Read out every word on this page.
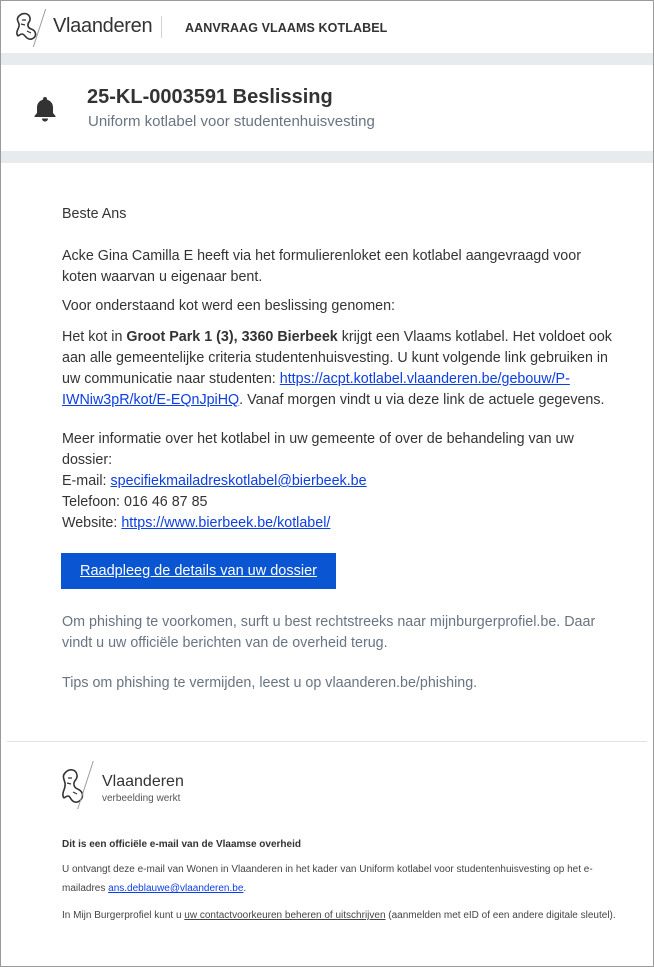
Vlaanderen	AANVRAAG VLAAMS KOTLABEL
25-KL-0003591 Beslissing
Uniform kotlabel voor studentenhuisvesting
Beste Ans
Acke Gina Camilla E heeft via het formulierenloket een kotlabel aangevraagd voor koten waarvan u eigenaar bent.
Voor onderstaand kot werd een beslissing genomen:
Het kot in Groot Park 1 (3), 3360 Bierbeek krijgt een Vlaams kotlabel. Het voldoet ook aan alle gemeentelijke criteria studentenhuisvesting. U kunt volgende link gebruiken in uw communicatie naar studenten: https://acpt.kotlabel.vlaanderen.be/gebouw/P-IWNiw3pR/kot/E-EQnJpiHQ. Vanaf morgen vindt u via deze link de actuele gegevens.
Meer informatie over het kotlabel in uw gemeente of over de behandeling van uw dossier:
E-mail: specifiekmailadreskotlabel@bierbeek.be
Telefoon: 016 46 87 85
Website: https://www.bierbeek.be/kotlabel/
Raadpleeg de details van uw dossier
Om phishing te voorkomen, surft u best rechtstreeks naar mijnburgerprofiel.be. Daar vindt u uw officiële berichten van de overheid terug.
Tips om phishing te vermijden, leest u op vlaanderen.be/phishing.
Vlaanderen
verbeelding werkt
Dit is een officiële e-mail van de Vlaamse overheid
U ontvangt deze e-mail van Wonen in Vlaanderen in het kader van Uniform kotlabel voor studentenhuisvesting op het e-mailadres ans.deblauwe@vlaanderen.be.
In Mijn Burgerprofiel kunt u uw contactvoorkeuren beheren of uitschrijven (aanmelden met eID of een andere digitale sleutel).
